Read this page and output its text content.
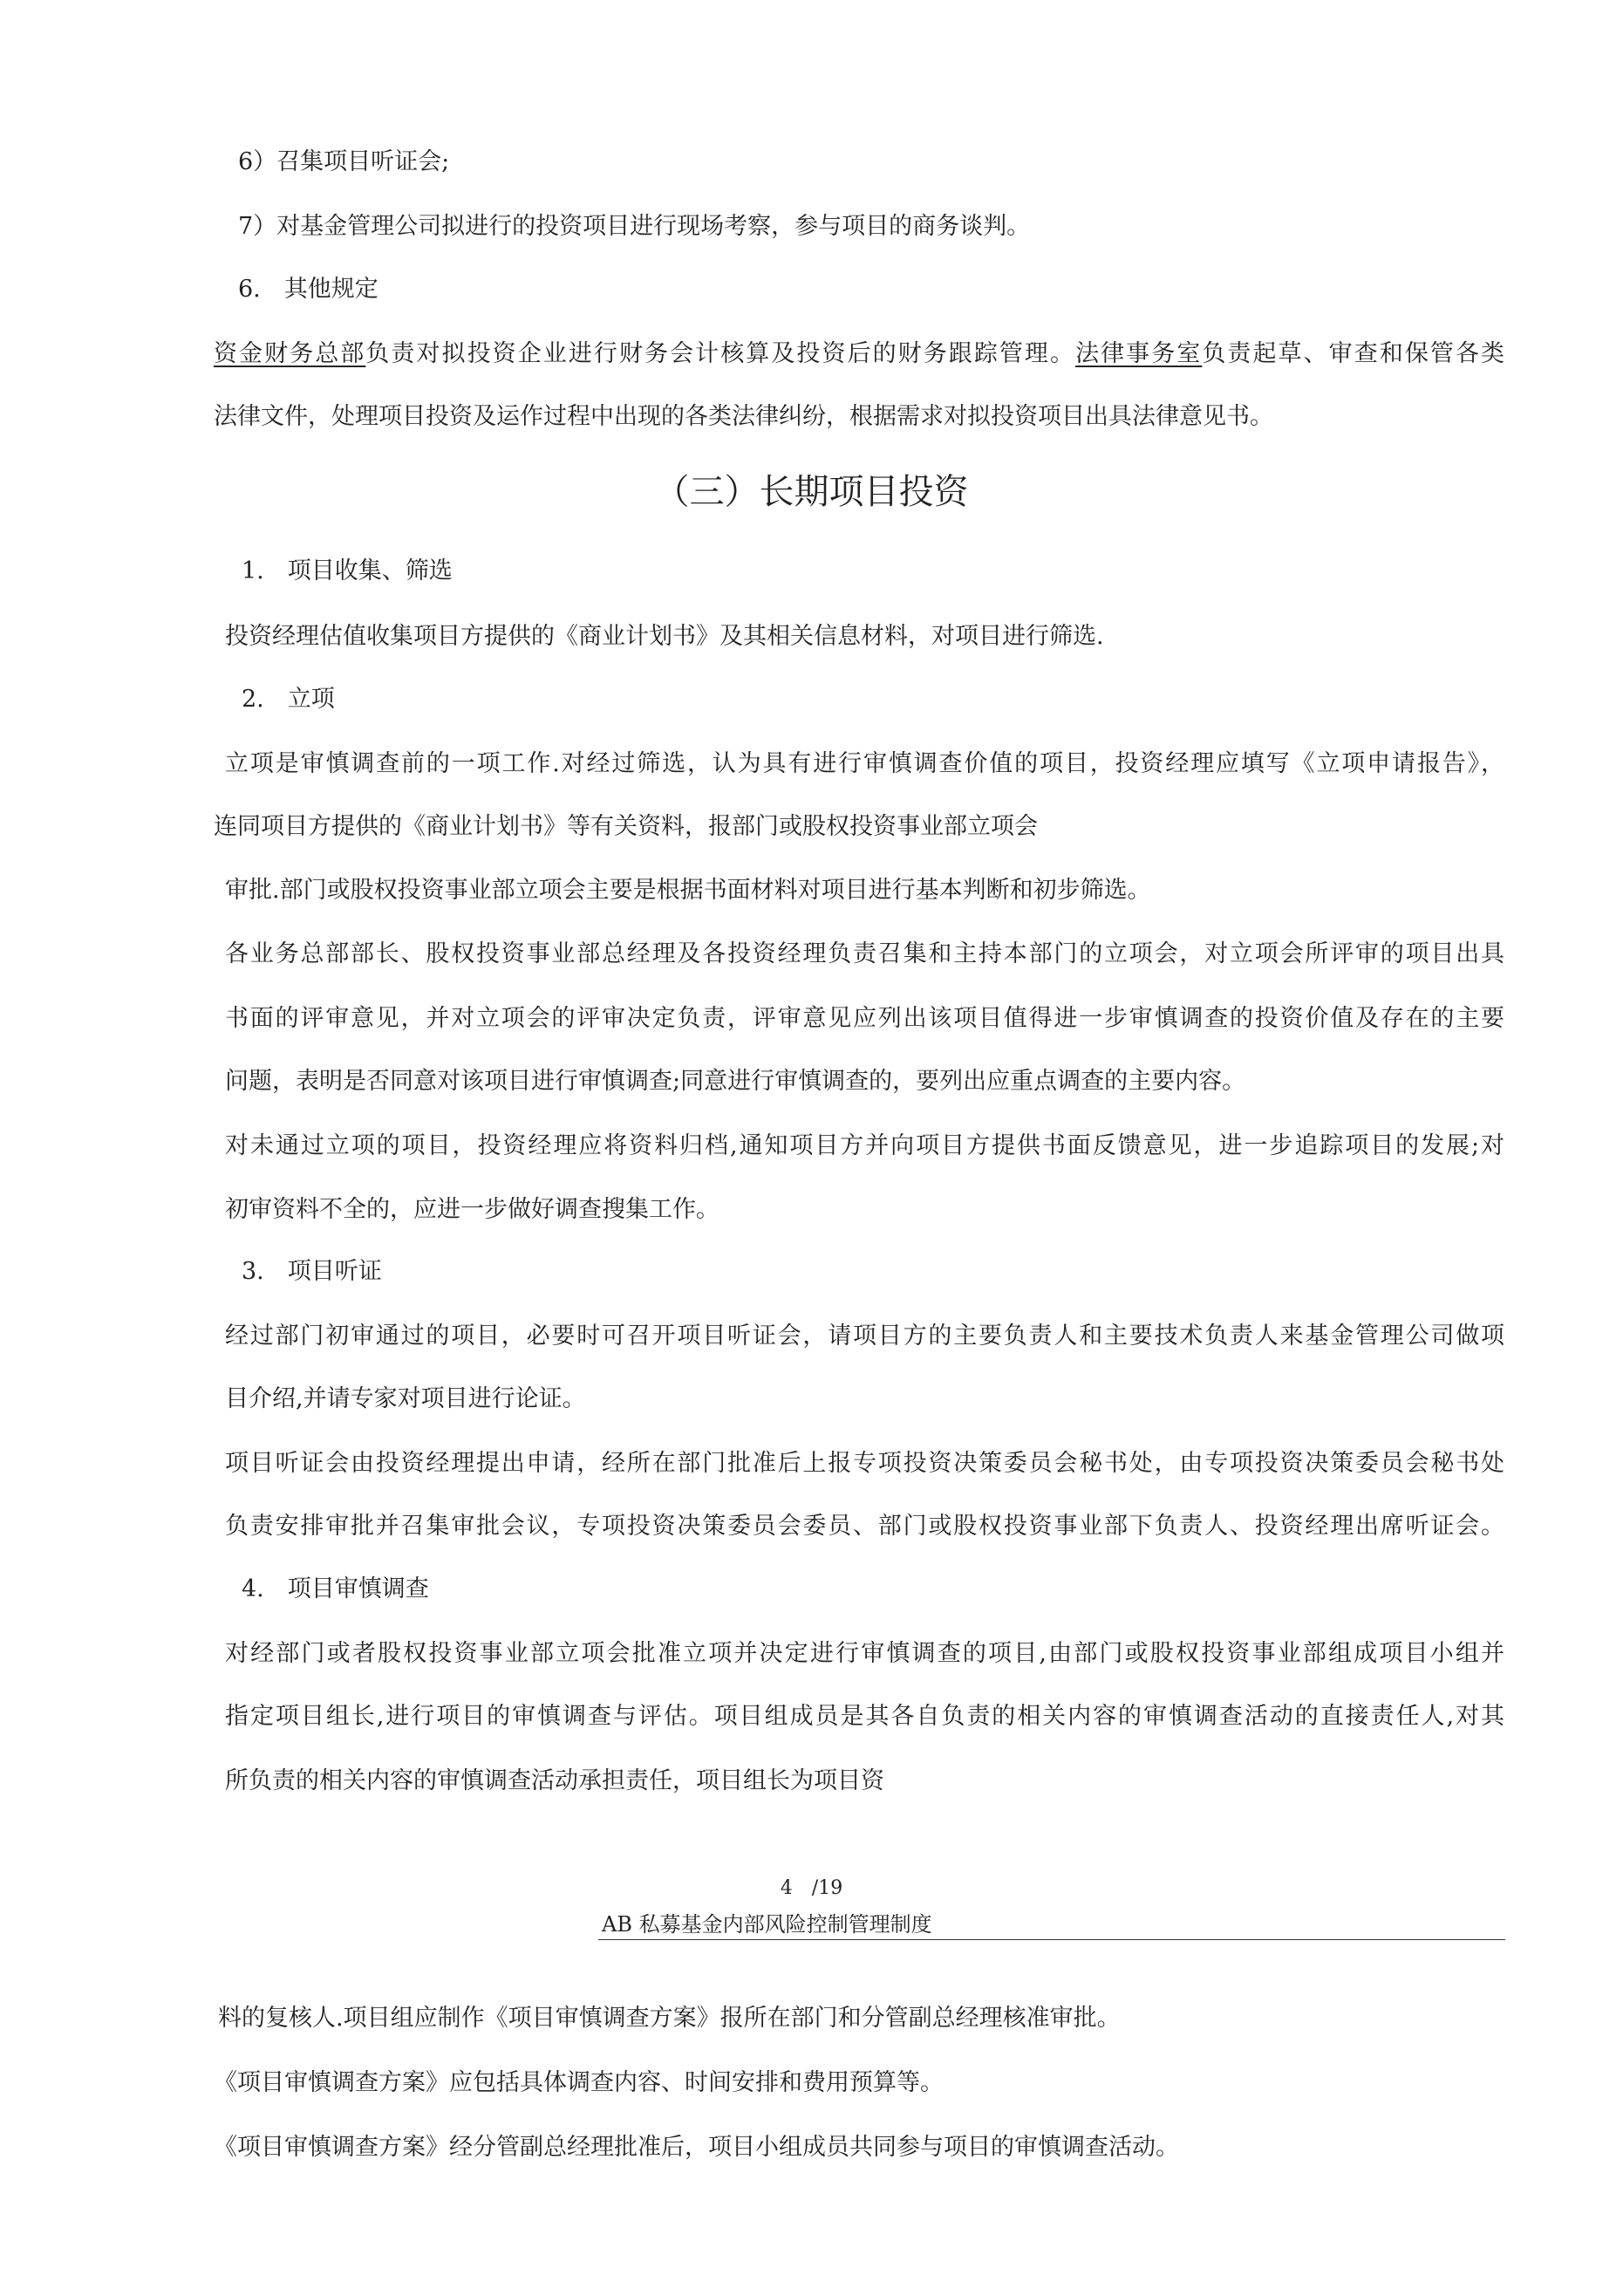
6）召集项目听证会;
7）对基金管理公司拟进行的投资项目进行现场考察，参与项目的商务谈判。
6.　其他规定
资金财务总部负责对拟投资企业进行财务会计核算及投资后的财务跟踪管理。法律事务室负责起草、审查和保管各类
法律文件，处理项目投资及运作过程中出现的各类法律纠纷，根据需求对拟投资项目出具法律意见书。
（三）长期项目投资
1.　项目收集、筛选
投资经理估值收集项目方提供的《商业计划书》及其相关信息材料，对项目进行筛选.
2.　立项
立项是审慎调查前的一项工作.对经过筛选，认为具有进行审慎调查价值的项目，投资经理应填写《立项申请报告》，
连同项目方提供的《商业计划书》等有关资料，报部门或股权投资事业部立项会
审批.部门或股权投资事业部立项会主要是根据书面材料对项目进行基本判断和初步筛选。
各业务总部部长、股权投资事业部总经理及各投资经理负责召集和主持本部门的立项会，对立项会所评审的项目出具
书面的评审意见，并对立项会的评审决定负责，评审意见应列出该项目值得进一步审慎调查的投资价值及存在的主要
问题，表明是否同意对该项目进行审慎调查;同意进行审慎调查的，要列出应重点调查的主要内容。
对未通过立项的项目，投资经理应将资料归档,通知项目方并向项目方提供书面反馈意见，进一步追踪项目的发展;对
初审资料不全的，应进一步做好调查搜集工作。
3.　项目听证
经过部门初审通过的项目，必要时可召开项目听证会，请项目方的主要负责人和主要技术负责人来基金管理公司做项
目介绍,并请专家对项目进行论证。
项目听证会由投资经理提出申请，经所在部门批准后上报专项投资决策委员会秘书处，由专项投资决策委员会秘书处
负责安排审批并召集审批会议，专项投资决策委员会委员、部门或股权投资事业部下负责人、投资经理出席听证会。
4.　项目审慎调查
对经部门或者股权投资事业部立项会批准立项并决定进行审慎调查的项目,由部门或股权投资事业部组成项目小组并
指定项目组长,进行项目的审慎调查与评估。项目组成员是其各自负责的相关内容的审慎调查活动的直接责任人,对其
所负责的相关内容的审慎调查活动承担责任，项目组长为项目资
4　/19
AB 私募基金内部风险控制管理制度
料的复核人.项目组应制作《项目审慎调查方案》报所在部门和分管副总经理核准审批。
《项目审慎调查方案》应包括具体调查内容、时间安排和费用预算等。
《项目审慎调查方案》经分管副总经理批准后，项目小组成员共同参与项目的审慎调查活动。
